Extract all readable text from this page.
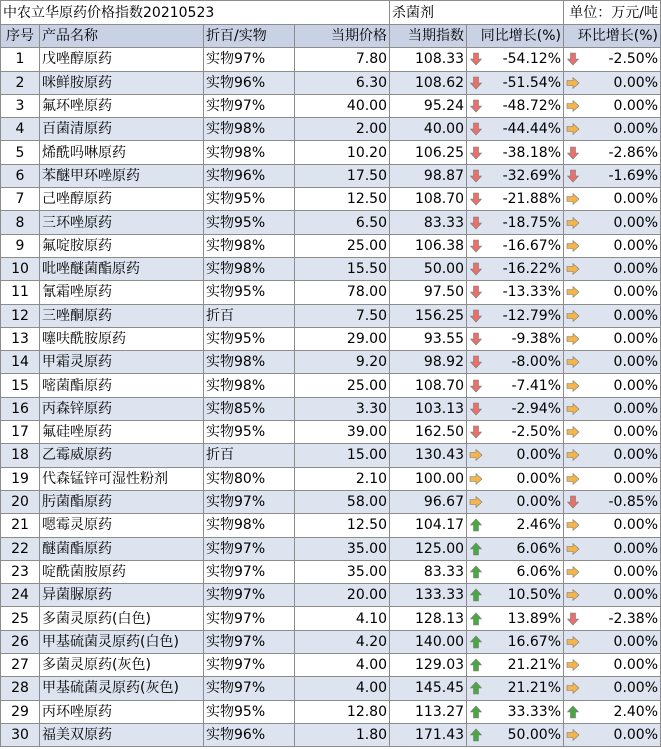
中农立华原药价格指数20210523				杀菌剂		单位：万元/吨
序号	产品名称	折百/实物	当期价格	当期指数	同比增长(%)	环比增长(%)
1	戊唑醇原药	实物97%	7.80	108.33	-54.12%	-2.50%

2	咪鲜胺原药	实物96%	6.30	108.62	-51.54%	0.00%

3	氟环唑原药	实物97%	40.00	95.24	-48.72%	0.00%

4	百菌清原药	实物98%	2.00	40.00	-44.44%	0.00%

5	烯酰吗啉原药	实物98%	10.20	106.25	-38.18%	-2.86%

6	苯醚甲环唑原药	实物96%	17.50	98.87	-32.69%	-1.69%

7	己唑醇原药	实物95%	12.50	108.70	-21.88%	0.00%

8	三环唑原药	实物95%	6.50	83.33	-18.75%	0.00%

9	氟啶胺原药	实物98%	25.00	106.38	-16.67%	0.00%

10	吡唑醚菌酯原药	实物98%	15.50	50.00	-16.22%	0.00%

11	氰霜唑原药	实物95%	78.00	97.50	-13.33%	0.00%

12	三唑酮原药	折百	7.50	156.25	-12.79%	0.00%

13	噻呋酰胺原药	实物95%	29.00	93.55	-9.38%	0.00%

14	甲霜灵原药	实物98%	9.20	98.92	-8.00%	0.00%

15	嘧菌酯原药	实物98%	25.00	108.70	-7.41%	0.00%

16	丙森锌原药	实物85%	3.30	103.13	-2.94%	0.00%

17	氟硅唑原药	实物95%	39.00	162.50	-2.50%	0.00%

18	乙霉威原药	折百	15.00	130.43	0.00%	0.00%

19	代森锰锌可湿性粉剂	实物80%	2.10	100.00	0.00%	0.00%

20	肟菌酯原药	实物97%	58.00	96.67	0.00%	-0.85%

21	嗯霉灵原药	实物98%	12.50	104.17	2.46%	0.00%

22	醚菌酯原药	实物97%	35.00	125.00	6.06%	0.00%

23	啶酰菌胺原药	实物97%	35.00	83.33	6.06%	0.00%

24	异菌脲原药	实物97%	20.00	133.33	10.50%	0.00%

25	多菌灵原药(白色)	实物97%	4.10	128.13	13.89%	-2.38%

26	甲基硫菌灵原药(白色)	实物97%	4.20	140.00	16.67%	0.00%

27	多菌灵原药(灰色)	实物97%	4.00	129.03	21.21%	0.00%

28	甲基硫菌灵原药(灰色)	实物97%	4.00	145.45	21.21%	0.00%

29	丙环唑原药	实物95%	12.80	113.27	33.33%	2.40%

30	福美双原药	实物96%	1.80	171.43	50.00%	0.00%
